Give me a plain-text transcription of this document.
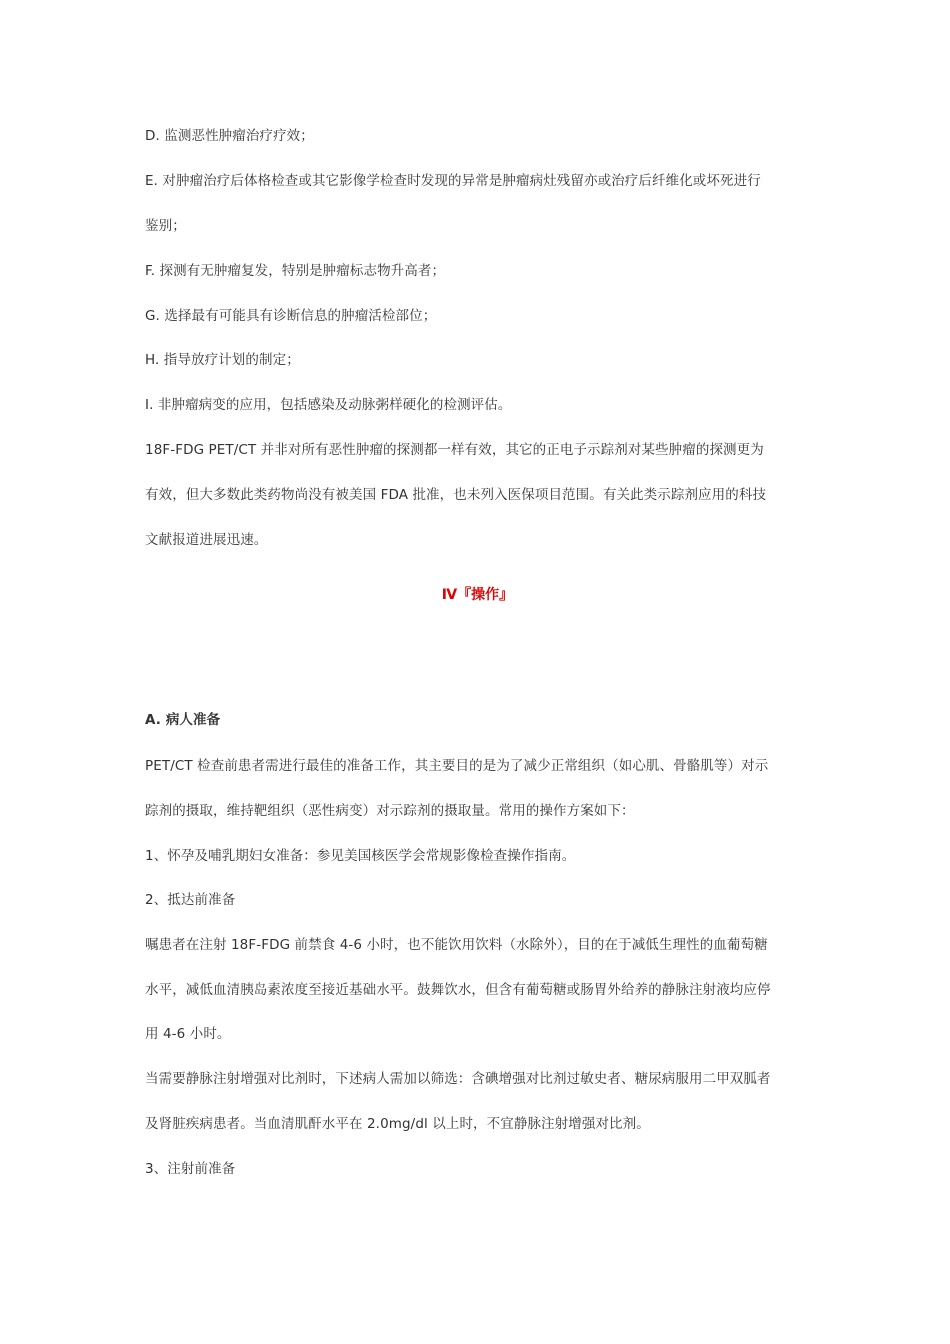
D. 监测恶性肿瘤治疗疗效；
E. 对肿瘤治疗后体格检查或其它影像学检查时发现的异常是肿瘤病灶残留亦或治疗后纤维化或坏死进行
鉴别；
F. 探测有无肿瘤复发，特别是肿瘤标志物升高者；
G. 选择最有可能具有诊断信息的肿瘤活检部位；
H. 指导放疗计划的制定；
I. 非肿瘤病变的应用，包括感染及动脉粥样硬化的检测评估。
18F-FDG PET/CT 并非对所有恶性肿瘤的探测都一样有效，其它的正电子示踪剂对某些肿瘤的探测更为
有效，但大多数此类药物尚没有被美国 FDA 批准，也未列入医保项目范围。有关此类示踪剂应用的科技
文献报道进展迅速。
Ⅳ『操作』
A. 病人准备
PET/CT 检查前患者需进行最佳的准备工作，其主要目的是为了减少正常组织（如心肌、骨骼肌等）对示
踪剂的摄取，维持靶组织（恶性病变）对示踪剂的摄取量。常用的操作方案如下：
1、怀孕及哺乳期妇女准备：参见美国核医学会常规影像检查操作指南。
2、抵达前准备
嘱患者在注射 18F-FDG 前禁食 4-6 小时，也不能饮用饮料（水除外），目的在于减低生理性的血葡萄糖
水平，减低血清胰岛素浓度至接近基础水平。鼓舞饮水，但含有葡萄糖或肠胃外给养的静脉注射液均应停
用 4-6 小时。
当需要静脉注射增强对比剂时，下述病人需加以筛选：含碘增强对比剂过敏史者、糖尿病服用二甲双胍者
及肾脏疾病患者。当血清肌酐水平在 2.0mg/dl 以上时，不宜静脉注射增强对比剂。
3、注射前准备
